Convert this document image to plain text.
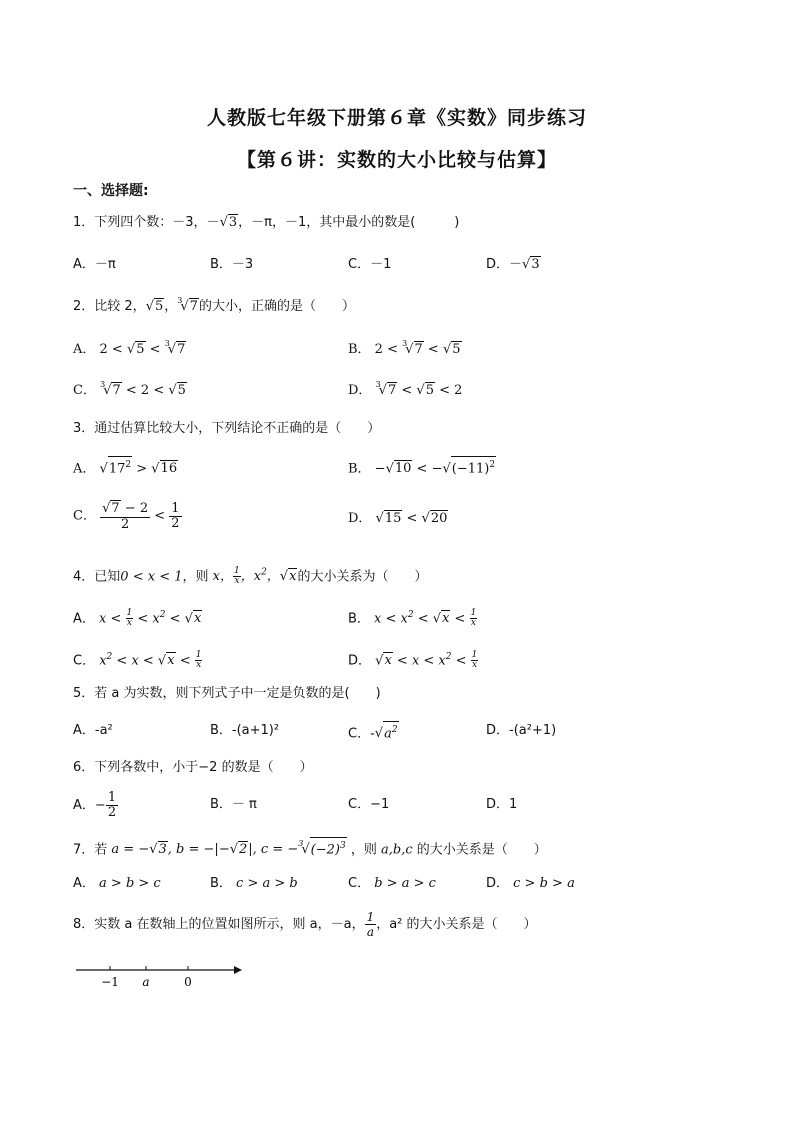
人教版七年级下册第６章《实数》同步练习
【第６讲：实数的大小比较与估算】
一、选择题:
1．下列四个数：－3，－√3，－π，－1，其中最小的数是(　　　)
A．－π	B．－3	C．－1	D．－√3
2．比较 2，√5，$^3$√7的大小，正确的是（　　）
A． 2 < √5 < $^3$√7	B． 2 < $^3$√7 < √5
C． $^3$√7 < 2 < √5	D． $^3$√7 < √5 < 2
3．通过估算比较大小，下列结论不正确的是（　　）
A． $√17^2 > √16$	B． $-√10 < -√(-11)^2$
C． $\frac{√7 - 2}{2} < \frac{1}{2}$	D． √15 < √20
4．已知0 < x < 1，则 x， $\frac{1}{x}$ ，$x^2$，√x的大小关系为（　　）
A． $x < \frac{1}{x} < x^2 < √x$	B． $x < x^2 < √x < \frac{1}{x}$
C． $x^2 < x < √x < \frac{1}{x}$	D． $√x < x < x^2 < \frac{1}{x}$
5．若 a 为实数，则下列式子中一定是负数的是(　　)
A．-a²	B．-(a+1)²	C．$-√a^2$	D．-(a²+1)
6．下列各数中，小于−2 的数是（　　）
A．− $\frac{1}{2}$	B．－ π	C．−1	D．1
7．若 a = −√3, b = −|−√2|, $c = -^3√(-2)^3$ ，则 a,b,c 的大小关系是（　　）
A． a > b > c	B． c > a > b	C． b > a > c	D． c > b > a
8．实数 a 在数轴上的位置如图所示，则 a，－a， $\frac{1}{a}$ ，a² 的大小关系是（　　）
−1 a	0
